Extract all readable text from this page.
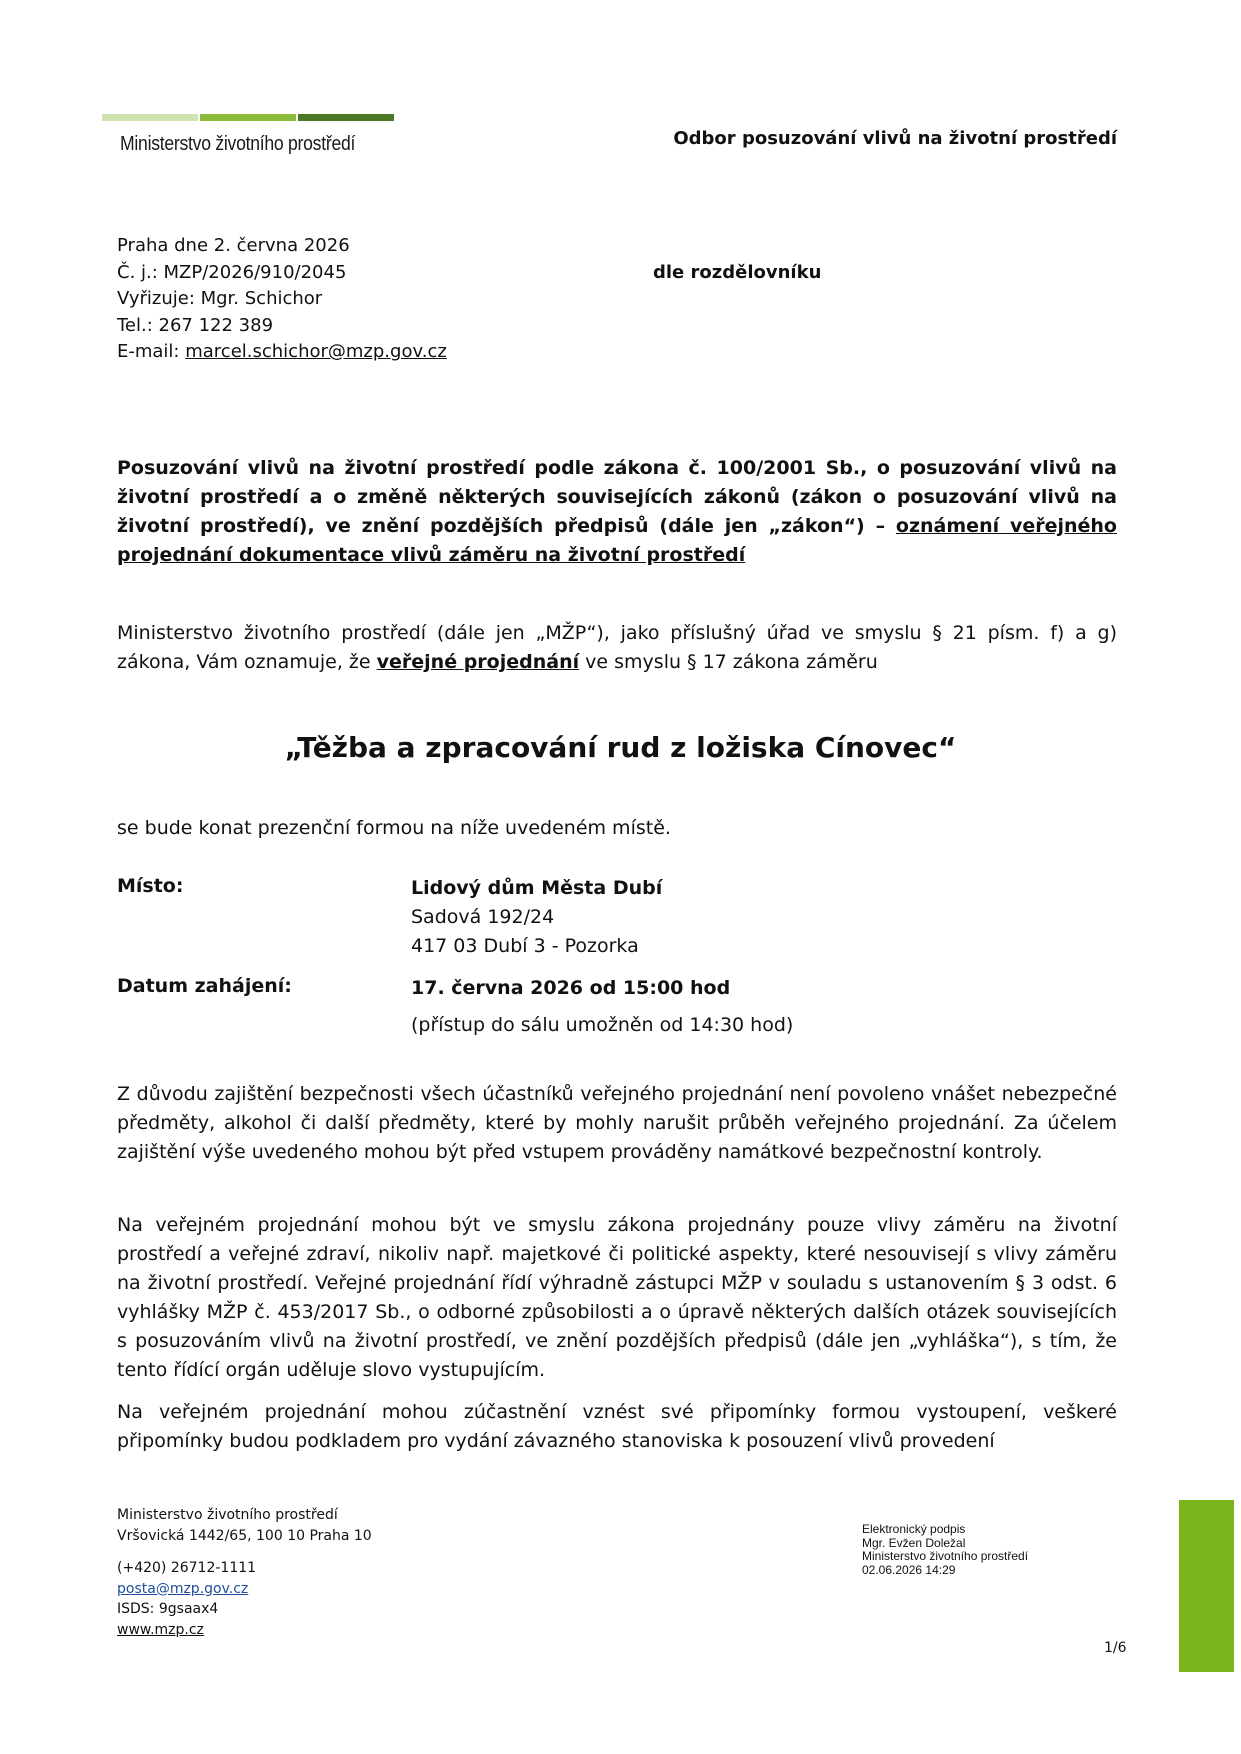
Ministerstvo životního prostředí	Odbor posuzování vlivů na životní prostředí
Praha dne 2. června 2026
Č. j.: MZP/2026/910/2045
Vyřizuje: Mgr. Schichor
Tel.: 267 122 389
E-mail: marcel.schichor@mzp.gov.cz
dle rozdělovníku
Posuzování vlivů na životní prostředí podle zákona č. 100/2001 Sb., o posuzování vlivů na životní prostředí a o změně některých souvisejících zákonů (zákon o posuzování vlivů na životní prostředí), ve znění pozdějších předpisů (dále jen „zákon“) – oznámení veřejného projednání dokumentace vlivů záměru na životní prostředí
Ministerstvo životního prostředí (dále jen „MŽP“), jako příslušný úřad ve smyslu § 21 písm. f) a g) zákona, Vám oznamuje, že veřejné projednání ve smyslu § 17 zákona záměru
„Těžba a zpracování rud z ložiska Cínovec“
se bude konat prezenční formou na níže uvedeném místě.
Místo:	Lidový dům Města Dubí
Sadová 192/24
417 03 Dubí 3 - Pozorka
Datum zahájení:	17. června 2026 od 15:00 hod
(přístup do sálu umožněn od 14:30 hod)
Z důvodu zajištění bezpečnosti všech účastníků veřejného projednání není povoleno vnášet nebezpečné předměty, alkohol či další předměty, které by mohly narušit průběh veřejného projednání. Za účelem zajištění výše uvedeného mohou být před vstupem prováděny namátkové bezpečnostní kontroly.
Na veřejném projednání mohou být ve smyslu zákona projednány pouze vlivy záměru na životní prostředí a veřejné zdraví, nikoliv např. majetkové či politické aspekty, které nesouvisejí s vlivy záměru na životní prostředí. Veřejné projednání řídí výhradně zástupci MŽP v souladu s ustanovením § 3 odst. 6 vyhlášky MŽP č. 453/2017 Sb., o odborné způsobilosti a o úpravě některých dalších otázek souvisejících s posuzováním vlivů na životní prostředí, ve znění pozdějších předpisů (dále jen „vyhláška“), s tím, že tento řídící orgán uděluje slovo vystupujícím.
Na veřejném projednání mohou zúčastnění vznést své připomínky formou vystoupení, veškeré připomínky budou podkladem pro vydání závazného stanoviska k posouzení vlivů provedení
Ministerstvo životního prostředí
Vršovická 1442/65, 100 10 Praha 10
(+420) 26712-1111
posta@mzp.gov.cz
ISDS: 9gsaax4
www.mzp.cz
Elektronický podpis
Mgr. Evžen Doležal
Ministerstvo životního prostředí
02.06.2026 14:29
1/6
